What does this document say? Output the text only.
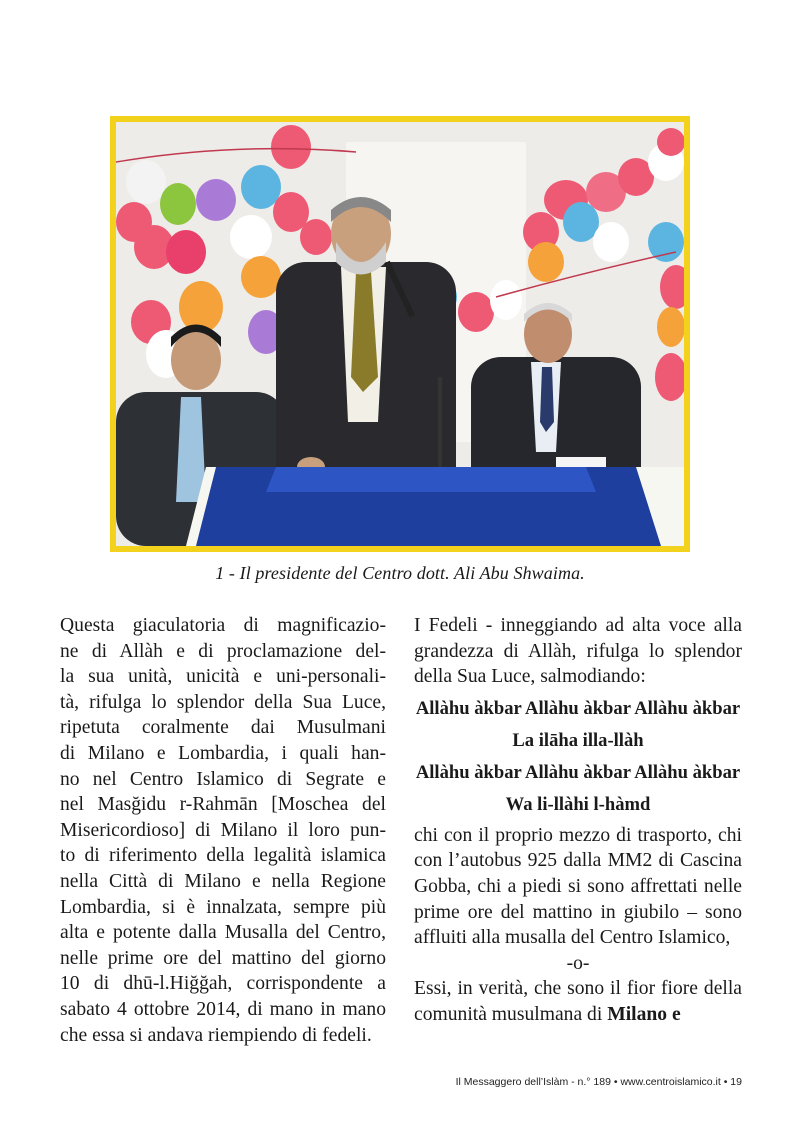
1 - Il presidente del Centro dott. Ali Abu Shwaima.

Questa giaculatoria di magnificazio-

ne di Allàh e di proclamazione del-

la sua unità, unicità e uni-personali-

tà, rifulga lo splendor della Sua Luce,

ripetuta coralmente dai Musulmani

di Milano e Lombardia, i quali han-

no nel Centro Islamico di Segrate e

nel Masğidu r-Rahmān [Moschea del

Misericordioso] di Milano il loro pun-

to di riferimento della legalità islamica

nella Città di Milano e nella Regione

Lombardia, si è innalzata, sempre più

alta e potente dalla Musalla del Centro,

nelle prime ore del mattino del giorno

10 di dhū-l.Hiğğah, corrispondente a

sabato 4 ottobre 2014, di mano in mano

che essa si andava riempiendo di fedeli.

I Fedeli - inneggiando ad alta voce alla grandezza di Allàh, rifulga lo splendor della Sua Luce, salmodiando:

Allàhu àkbar Allàhu àkbar Allàhu àkbar

La ilāha illa-llàh

Allàhu àkbar Allàhu àkbar Allàhu àkbar

Wa li-llàhi l-hàmd

chi con il proprio mezzo di trasporto, chi con l’autobus 925 dalla MM2 di Cascina Gobba, chi a piedi si sono affrettati nelle prime ore del mattino in giubilo – sono affluiti alla musalla del Centro Islamico,

-o-

Essi, in verità, che sono il fior fiore della comunità musulmana di Milano e

Il Messaggero dell’Islàm - n.° 189 • www.centroislamico.it • 19
